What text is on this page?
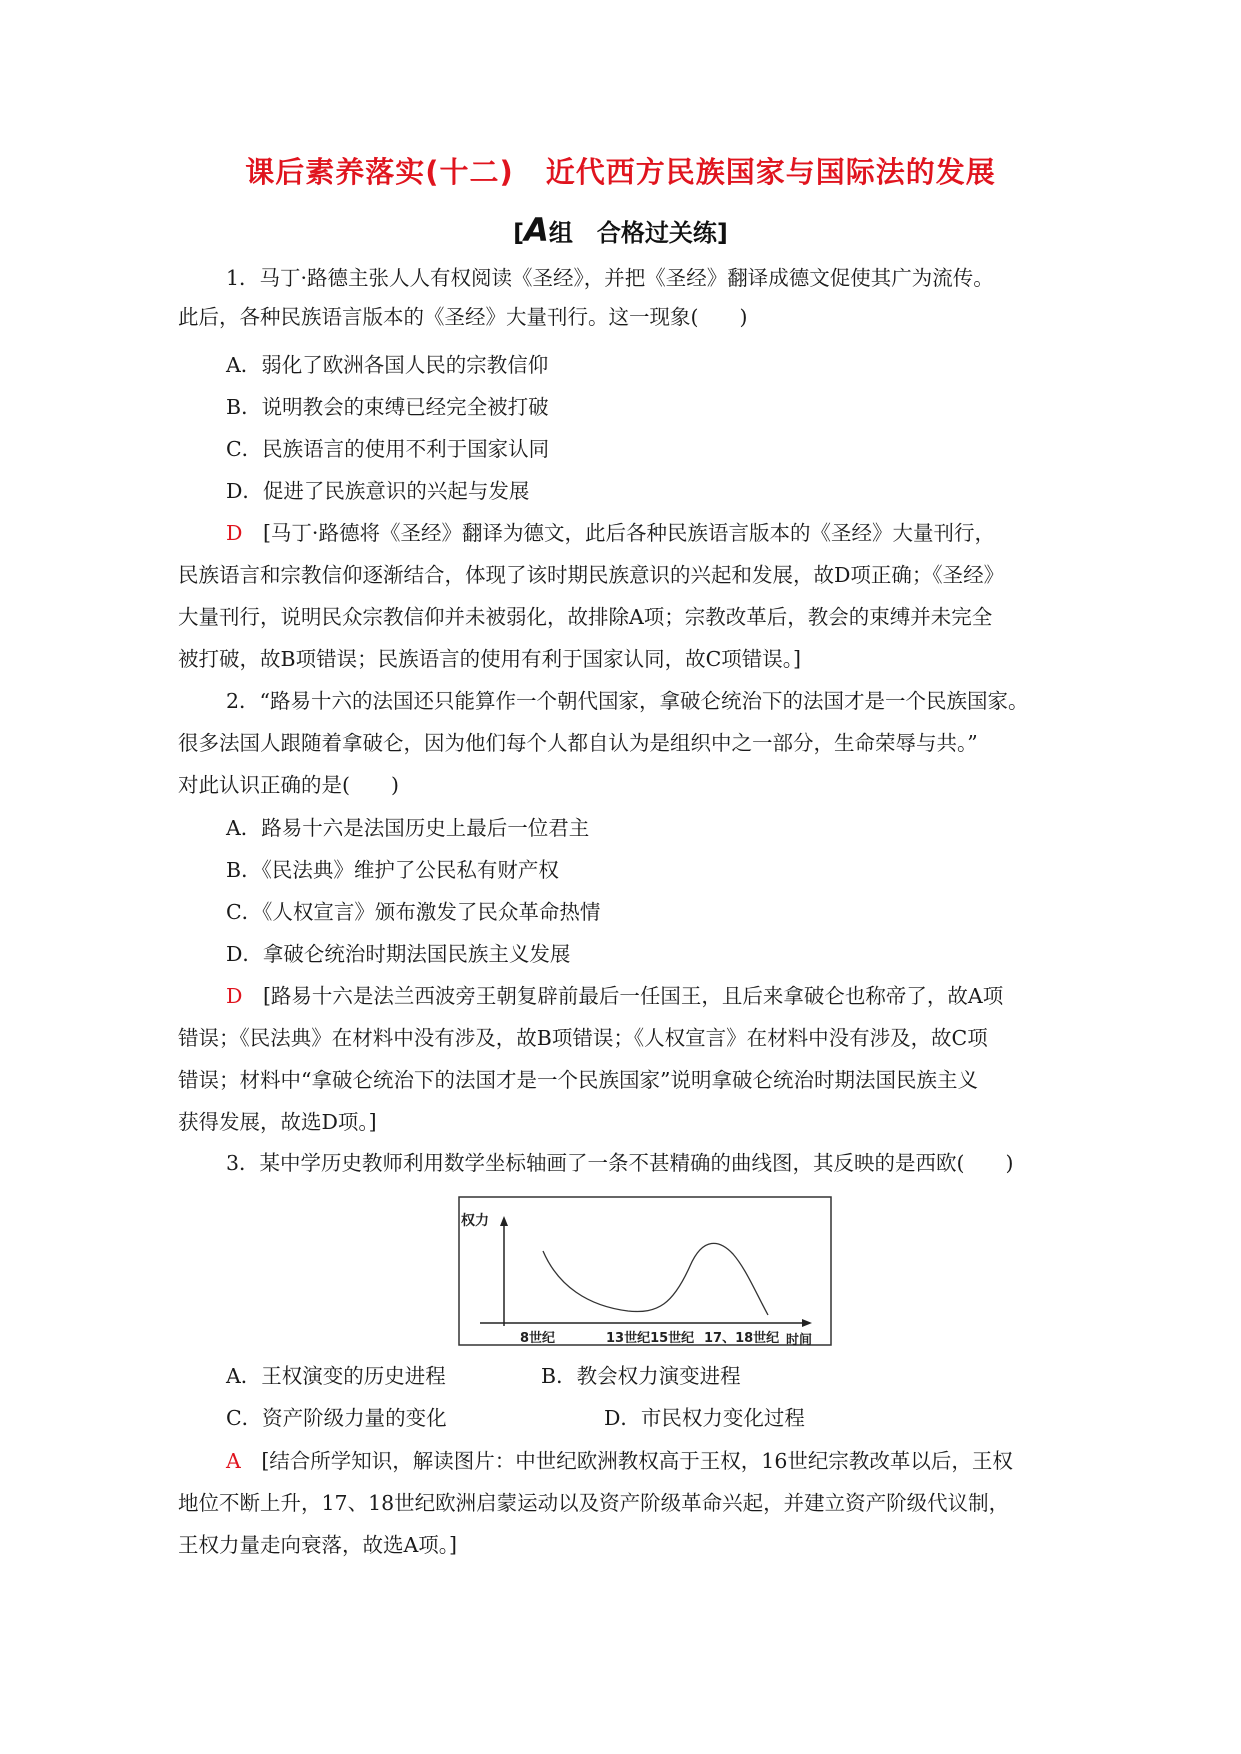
课后素养落实(十二) 近代西方民族国家与国际法的发展
[A组　合格过关练]
1．马丁·路德主张人人有权阅读《圣经》，并把《圣经》翻译成德文促使其广为流传。
此后，各种民族语言版本的《圣经》大量刊行。这一现象(　　)
A．弱化了欧洲各国人民的宗教信仰
B．说明教会的束缚已经完全被打破
C．民族语言的使用不利于国家认同
D．促进了民族意识的兴起与发展
D　 [马丁·路德将《圣经》翻译为德文，此后各种民族语言版本的《圣经》大量刊行，
民族语言和宗教信仰逐渐结合，体现了该时期民族意识的兴起和发展，故D项正确；《圣经》
大量刊行，说明民众宗教信仰并未被弱化，故排除A项；宗教改革后，教会的束缚并未完全
被打破，故B项错误；民族语言的使用有利于国家认同，故C项错误。]
2．“路易十六的法国还只能算作一个朝代国家，拿破仑统治下的法国才是一个民族国家。
很多法国人跟随着拿破仑，因为他们每个人都自认为是组织中之一部分，生命荣辱与共。”
对此认识正确的是(　　)
A．路易十六是法国历史上最后一位君主
B．《民法典》维护了公民私有财产权
C．《人权宣言》颁布激发了民众革命热情
D．拿破仑统治时期法国民族主义发展
D　 [路易十六是法兰西波旁王朝复辟前最后一任国王，且后来拿破仑也称帝了，故A项
错误；《民法典》在材料中没有涉及，故B项错误；《人权宣言》在材料中没有涉及，故C项
错误；材料中“拿破仑统治下的法国才是一个民族国家”说明拿破仑统治时期法国民族主义
获得发展，故选D项。]
3．某中学历史教师利用数学坐标轴画了一条不甚精确的曲线图，其反映的是西欧(　　)
权力
8世纪	13世纪15世纪 17、18世纪 时间
A．王权演变的历史进程	B．教会权力演变进程
C．资产阶级力量的变化	D．市民权力变化过程
A　 [结合所学知识，解读图片：中世纪欧洲教权高于王权，16世纪宗教改革以后，王权
地位不断上升，17、18世纪欧洲启蒙运动以及资产阶级革命兴起，并建立资产阶级代议制，
王权力量走向衰落，故选A项。]
